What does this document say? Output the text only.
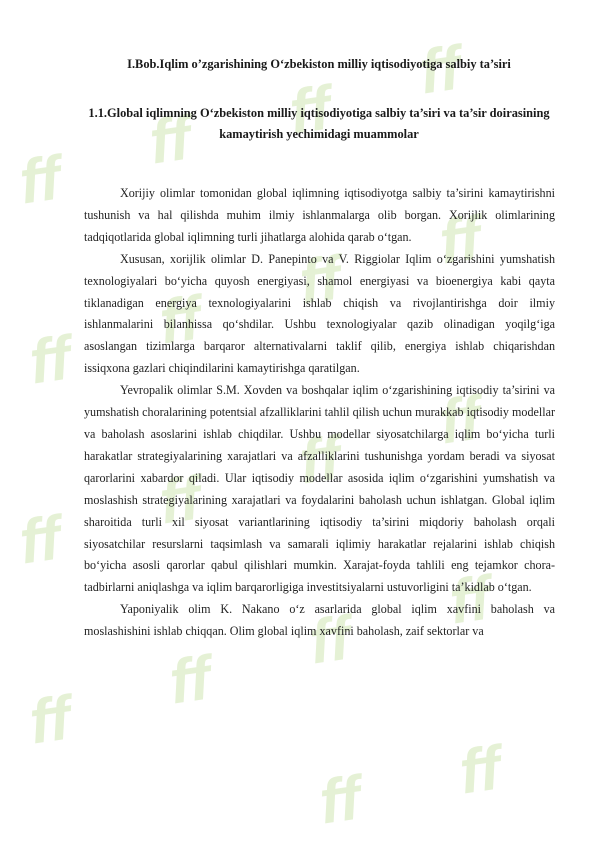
ff
ff ff
ff
ff
ff
ff
ff
ff
ff
ff
ff
ff
ff
ff
ff
ff ff
I.Bob.Iqlim o’zgarishining O‘zbekiston milliy iqtisodiyotiga salbiy ta’siri
1.1.Global iqlimning O‘zbekiston milliy iqtisodiyotiga salbiy ta’siri va ta’sir doirasining kamaytirish yechimidagi muammolar

Xorijiy olimlar tomonidan global iqlimning iqtisodiyotga salbiy ta’sirini kamaytirishni tushunish va hal qilishda muhim ilmiy ishlanmalarga olib borgan. Xorijlik olimlarining tadqiqotlarida global iqlimning turli jihatlarga alohida qarab o‘tgan.

Xususan, xorijlik olimlar D. Panepinto va V. Riggiolar Iqlim o‘zgarishini yumshatish texnologiyalari bo‘yicha quyosh energiyasi, shamol energiyasi va bioenergiya kabi qayta tiklanadigan energiya texnologiyalarini ishlab chiqish va rivojlantirishga doir ilmiy ishlanmalarini bilanhissa qo‘shdilar. Ushbu texnologiyalar qazib olinadigan yoqilg‘iga asoslangan tizimlarga barqaror alternativalarni taklif qilib, energiya ishlab chiqarishdan issiqxona gazlari chiqindilarini kamaytirishga qaratilgan.

Yevropalik olimlar S.M. Xovden va boshqalar iqlim o‘zgarishining iqtisodiy ta’sirini va yumshatish choralarining potentsial afzalliklarini tahlil qilish uchun murakkab iqtisodiy modellar va baholash asoslarini ishlab chiqdilar. Ushbu modellar siyosatchilarga iqlim bo‘yicha turli harakatlar strategiyalarining xarajatlari va afzalliklarini tushunishga yordam beradi va siyosat qarorlarini xabardor qiladi. Ular iqtisodiy modellar asosida iqlim o‘zgarishini yumshatish va moslashish strategiyalarining xarajatlari va foydalarini baholash uchun ishlatgan. Global iqlim sharoitida turli xil siyosat variantlarining iqtisodiy ta’sirini miqdoriy baholash orqali siyosatchilar resurslarni taqsimlash va samarali iqlimiy harakatlar rejalarini ishlab chiqish bo‘yicha asosli qarorlar qabul qilishlari mumkin. Xarajat-foyda tahlili eng tejamkor chora-tadbirlarni aniqlashga va iqlim barqarorligiga investitsiyalarni ustuvorligini ta’kidlab o‘tgan.

Yaponiyalik olim K. Nakano o‘z asarlarida global iqlim xavfini baholash va moslashishini ishlab chiqqan. Olim global iqlim xavfini baholash, zaif sektorlar va
